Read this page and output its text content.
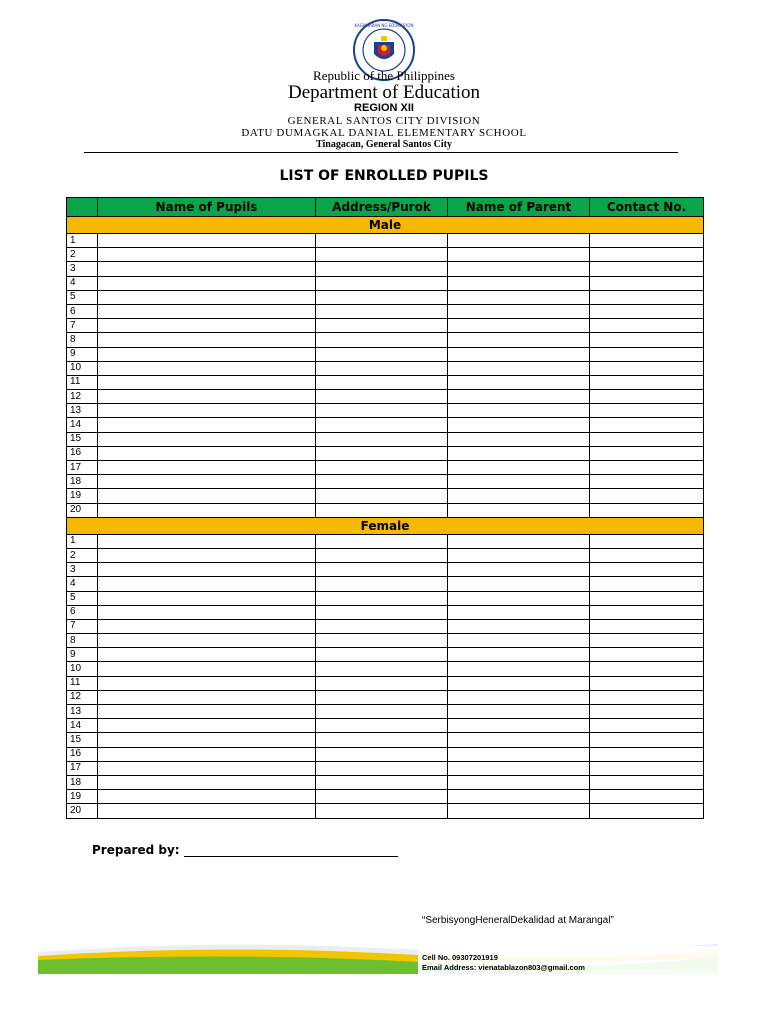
KAGAWARAN NG EDUKASYON
Republic of the Philippines
Department of Education
REGION XII
GENERAL SANTOS CITY DIVISION
DATU DUMAGKAL DANIAL ELEMENTARY SCHOOL
Tinagacan, General Santos City
LIST OF ENROLLED PUPILS
	Name of Pupils	Address/Purok	Name of Parent	Contact No.
Male				
1				
2				
3				
4				
5				
6				
7				
8				
9				
10				
11				
12				
13				
14				
15				
16				
17				
18				
19				
20				
Female				
1				
2				
3				
4				
5				
6				
7				
8				
9				
10				
11				
12				
13				
14				
15				
16				
17				
18				
19				
20				
Prepared by:
“SerbisyongHeneralDekalidad at Marangal”
Cell No. 09307201919
Email Address: vienatablazon803@gmail.com
